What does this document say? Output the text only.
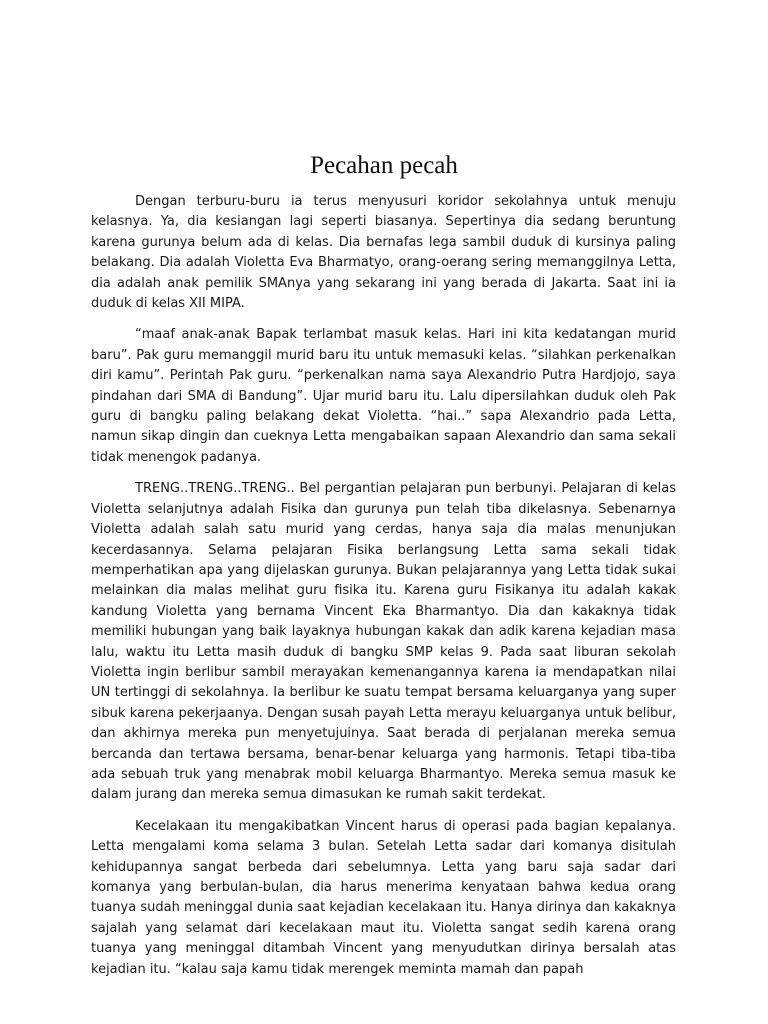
Pecahan pecah

Dengan terburu-buru ia terus menyusuri koridor sekolahnya untuk menuju kelasnya. Ya, dia kesiangan lagi seperti biasanya. Sepertinya dia sedang beruntung karena gurunya belum ada di kelas. Dia bernafas lega sambil duduk di kursinya paling belakang. Dia adalah Violetta Eva Bharmatyo, orang-oerang sering memanggilnya Letta, dia adalah anak pemilik SMAnya yang sekarang ini yang berada di Jakarta. Saat ini ia duduk di kelas XII MIPA.

“maaf anak-anak Bapak terlambat masuk kelas. Hari ini kita kedatangan murid baru”. Pak guru memanggil murid baru itu untuk memasuki kelas. “silahkan perkenalkan diri kamu”. Perintah Pak guru. “perkenalkan nama saya Alexandrio Putra Hardjojo, saya pindahan dari SMA di Bandung”. Ujar murid baru itu. Lalu dipersilahkan duduk oleh Pak guru di bangku paling belakang dekat Violetta. “hai..” sapa Alexandrio pada Letta, namun sikap dingin dan cueknya Letta mengabaikan sapaan Alexandrio dan sama sekali tidak menengok padanya.

TRENG..TRENG..TRENG.. Bel pergantian pelajaran pun berbunyi. Pelajaran di kelas Violetta selanjutnya adalah Fisika dan gurunya pun telah tiba dikelasnya. Sebenarnya Violetta adalah salah satu murid yang cerdas, hanya saja dia malas menunjukan kecerdasannya. Selama pelajaran Fisika berlangsung Letta sama sekali tidak memperhatikan apa yang dijelaskan gurunya. Bukan pelajarannya yang Letta tidak sukai melainkan dia malas melihat guru fisika itu. Karena guru Fisikanya itu adalah kakak kandung Violetta yang bernama Vincent Eka Bharmantyo. Dia dan kakaknya tidak memiliki hubungan yang baik layaknya hubungan kakak dan adik karena kejadian masa lalu, waktu itu Letta masih duduk di bangku SMP kelas 9. Pada saat liburan sekolah Violetta ingin berlibur sambil merayakan kemenangannya karena ia mendapatkan nilai UN tertinggi di sekolahnya. Ia berlibur ke suatu tempat bersama keluarganya yang super sibuk karena pekerjaanya. Dengan susah payah Letta merayu keluarganya untuk belibur, dan akhirnya mereka pun menyetujuinya. Saat berada di perjalanan mereka semua bercanda dan tertawa bersama, benar-benar keluarga yang harmonis. Tetapi tiba-tiba ada sebuah truk yang menabrak mobil keluarga Bharmantyo. Mereka semua masuk ke dalam jurang dan mereka semua dimasukan ke rumah sakit terdekat.

Kecelakaan itu mengakibatkan Vincent harus di operasi pada bagian kepalanya. Letta mengalami koma selama 3 bulan. Setelah Letta sadar dari komanya disitulah kehidupannya sangat berbeda dari sebelumnya. Letta yang baru saja sadar dari komanya yang berbulan-bulan, dia harus menerima kenyataan bahwa kedua orang tuanya sudah meninggal dunia saat kejadian kecelakaan itu. Hanya dirinya dan kakaknya sajalah yang selamat dari kecelakaan maut itu. Violetta sangat sedih karena orang tuanya yang meninggal ditambah Vincent yang menyudutkan dirinya bersalah atas kejadian itu. “kalau saja kamu tidak merengek meminta mamah dan papah
